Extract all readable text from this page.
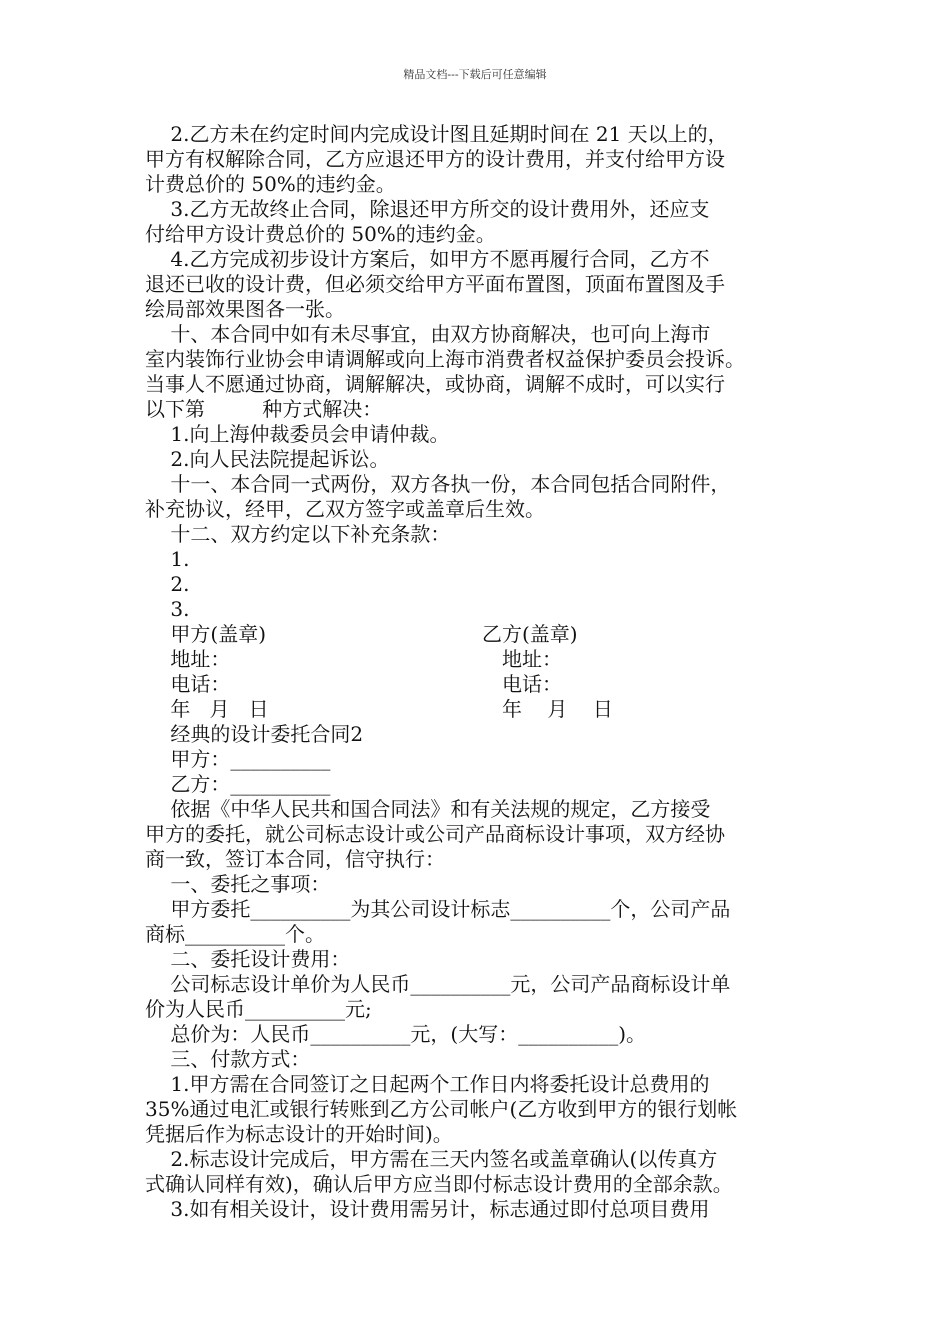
精品文档---下载后可任意编辑
2.乙方未在约定时间内完成设计图且延期时间在 21 天以上的，
甲方有权解除合同，乙方应退还甲方的设计费用，并支付给甲方设
计费总价的 50%的违约金。
3.乙方无故终止合同，除退还甲方所交的设计费用外，还应支
付给甲方设计费总价的 50%的违约金。
4.乙方完成初步设计方案后，如甲方不愿再履行合同，乙方不
退还已收的设计费，但必须交给甲方平面布置图，顶面布置图及手
绘局部效果图各一张。
十、本合同中如有未尽事宜，由双方协商解决，也可向上海市
室内装饰行业协会申请调解或向上海市消费者权益保护委员会投诉。
当事人不愿通过协商，调解解决，或协商，调解不成时，可以实行
以下第         种方式解决：
1.向上海仲裁委员会申请仲裁。
2.向人民法院提起诉讼。
十一、本合同一式两份，双方各执一份，本合同包括合同附件，
补充协议，经甲，乙双方签字或盖章后生效。
十二、双方约定以下补充条款：
1.
2.
3.
甲方(盖章)
地址：
电话：
年   月   日
经典的设计委托合同2
甲方：__________
乙方：__________
依据《中华人民共和国合同法》和有关法规的规定，乙方接受
甲方的委托，就公司标志设计或公司产品商标设计事项，双方经协
商一致，签订本合同，信守执行：
一、委托之事项：
甲方委托__________为其公司设计标志__________个，公司产品
商标__________个。
二、委托设计费用：
公司标志设计单价为人民币__________元，公司产品商标设计单
价为人民币__________元;
总价为：人民币__________元，(大写：__________)。
三、付款方式：
1.甲方需在合同签订之日起两个工作日内将委托设计总费用的
35%通过电汇或银行转账到乙方公司帐户(乙方收到甲方的银行划帐
凭据后作为标志设计的开始时间)。
2.标志设计完成后，甲方需在三天内签名或盖章确认(以传真方
式确认同样有效)，确认后甲方应当即付标志设计费用的全部余款。
3.如有相关设计，设计费用需另计，标志通过即付总项目费用
乙方(盖章)
地址：
电话：
年    月    日
